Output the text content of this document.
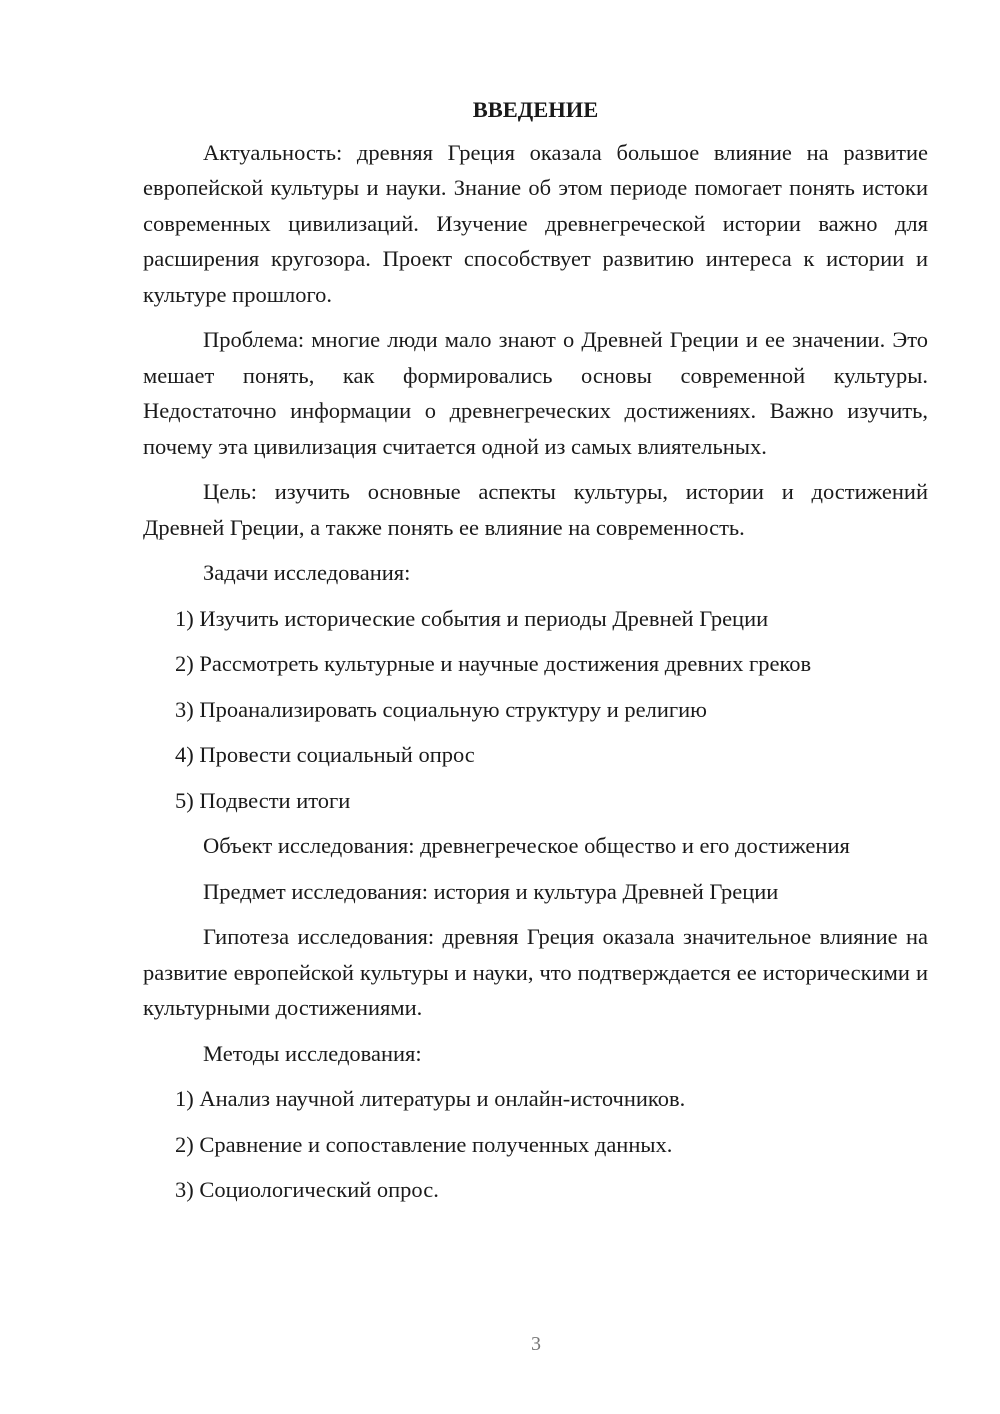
ВВЕДЕНИЕ

Актуальность: древняя Греция оказала большое влияние на развитие европейской культуры и науки. Знание об этом периоде помогает понять истоки современных цивилизаций. Изучение древнегреческой истории важно для расширения кругозора. Проект способствует развитию интереса к истории и культуре прошлого.

Проблема: многие люди мало знают о Древней Греции и ее значении. Это мешает понять, как формировались основы современной культуры. Недостаточно информации о древнегреческих достижениях. Важно изучить, почему эта цивилизация считается одной из самых влиятельных.

Цель: изучить основные аспекты культуры, истории и достижений Древней Греции, а также понять ее влияние на современность.

Задачи исследования:
1) Изучить исторические события и периоды Древней Греции
2) Рассмотреть культурные и научные достижения древних греков
3) Проанализировать социальную структуру и религию
4) Провести социальный опрос
5) Подвести итоги
Объект исследования: древнегреческое общество и его достижения
Предмет исследования: история и культура Древней Греции

Гипотеза исследования: древняя Греция оказала значительное влияние на развитие европейской культуры и науки, что подтверждается ее историческими и культурными достижениями.

Методы исследования:
1) Анализ научной литературы и онлайн-источников.
2) Сравнение и сопоставление полученных данных.
3) Социологический опрос.
3
